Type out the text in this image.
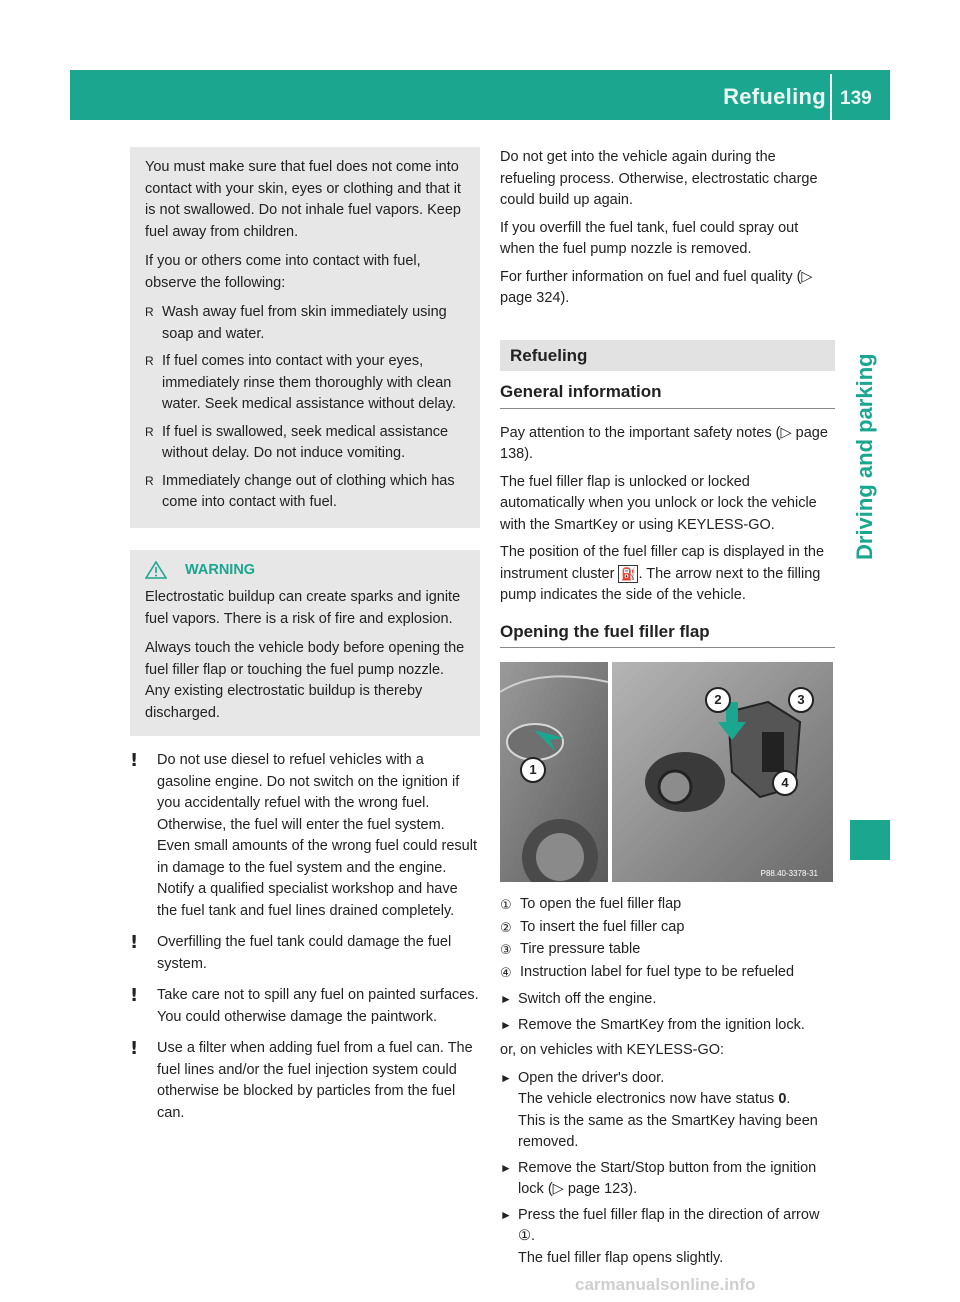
Refueling 139
Driving and parking

You must make sure that fuel does not come into contact with your skin, eyes or clothing and that it is not swallowed. Do not inhale fuel vapors. Keep fuel away from children.

If you or others come into contact with fuel, observe the following:

R Wash away fuel from skin immediately using soap and water.
R If fuel comes into contact with your eyes, immediately rinse them thoroughly with clean water. Seek medical assistance without delay.
R If fuel is swallowed, seek medical assistance without delay. Do not induce vomiting.
R Immediately change out of clothing which has come into contact with fuel.
WARNING

Electrostatic buildup can create sparks and ignite fuel vapors. There is a risk of fire and explosion.

Always touch the vehicle body before opening the fuel filler flap or touching the fuel pump nozzle. Any existing electrostatic buildup is thereby discharged.

!	Do not use diesel to refuel vehicles with a gasoline engine. Do not switch on the ignition if you accidentally refuel with the wrong fuel. Otherwise, the fuel will enter the fuel system. Even small amounts of the wrong fuel could result in damage to the fuel system and the engine. Notify a qualified specialist workshop and have the fuel tank and fuel lines drained completely.
!	Overfilling the fuel tank could damage the fuel system.
!	Take care not to spill any fuel on painted surfaces. You could otherwise damage the paintwork.
!	Use a filter when adding fuel from a fuel can. The fuel lines and/or the fuel injection system could otherwise be blocked by particles from the fuel can.

Do not get into the vehicle again during the refueling process. Otherwise, electrostatic charge could build up again.

If you overfill the fuel tank, fuel could spray out when the fuel pump nozzle is removed.

For further information on fuel and fuel quality (▷ page 324).

Refueling
General information

Pay attention to the important safety notes (▷ page 138).

The fuel filler flap is unlocked or locked automatically when you unlock or lock the vehicle with the SmartKey or using KEYLESS-GO.

The position of the fuel filler cap is displayed in the instrument cluster ⛽ . The arrow next to the filling pump indicates the side of the vehicle.

Opening the fuel filler flap
P88.40-3378-31
1
2	3
4
① To open the fuel filler flap
② To insert the fuel filler cap
③ Tire pressure table
④ Instruction label for fuel type to be refueled
► Switch off the engine.
► Remove the SmartKey from the ignition lock.

or, on vehicles with KEYLESS-GO:

► Open the driver's door.
The vehicle electronics now have status 0.
This is the same as the SmartKey having been removed.
► Remove the Start/Stop button from the ignition lock (▷ page 123).
► Press the fuel filler flap in the direction of arrow ①.
The fuel filler flap opens slightly.
carmanualsonline.info
